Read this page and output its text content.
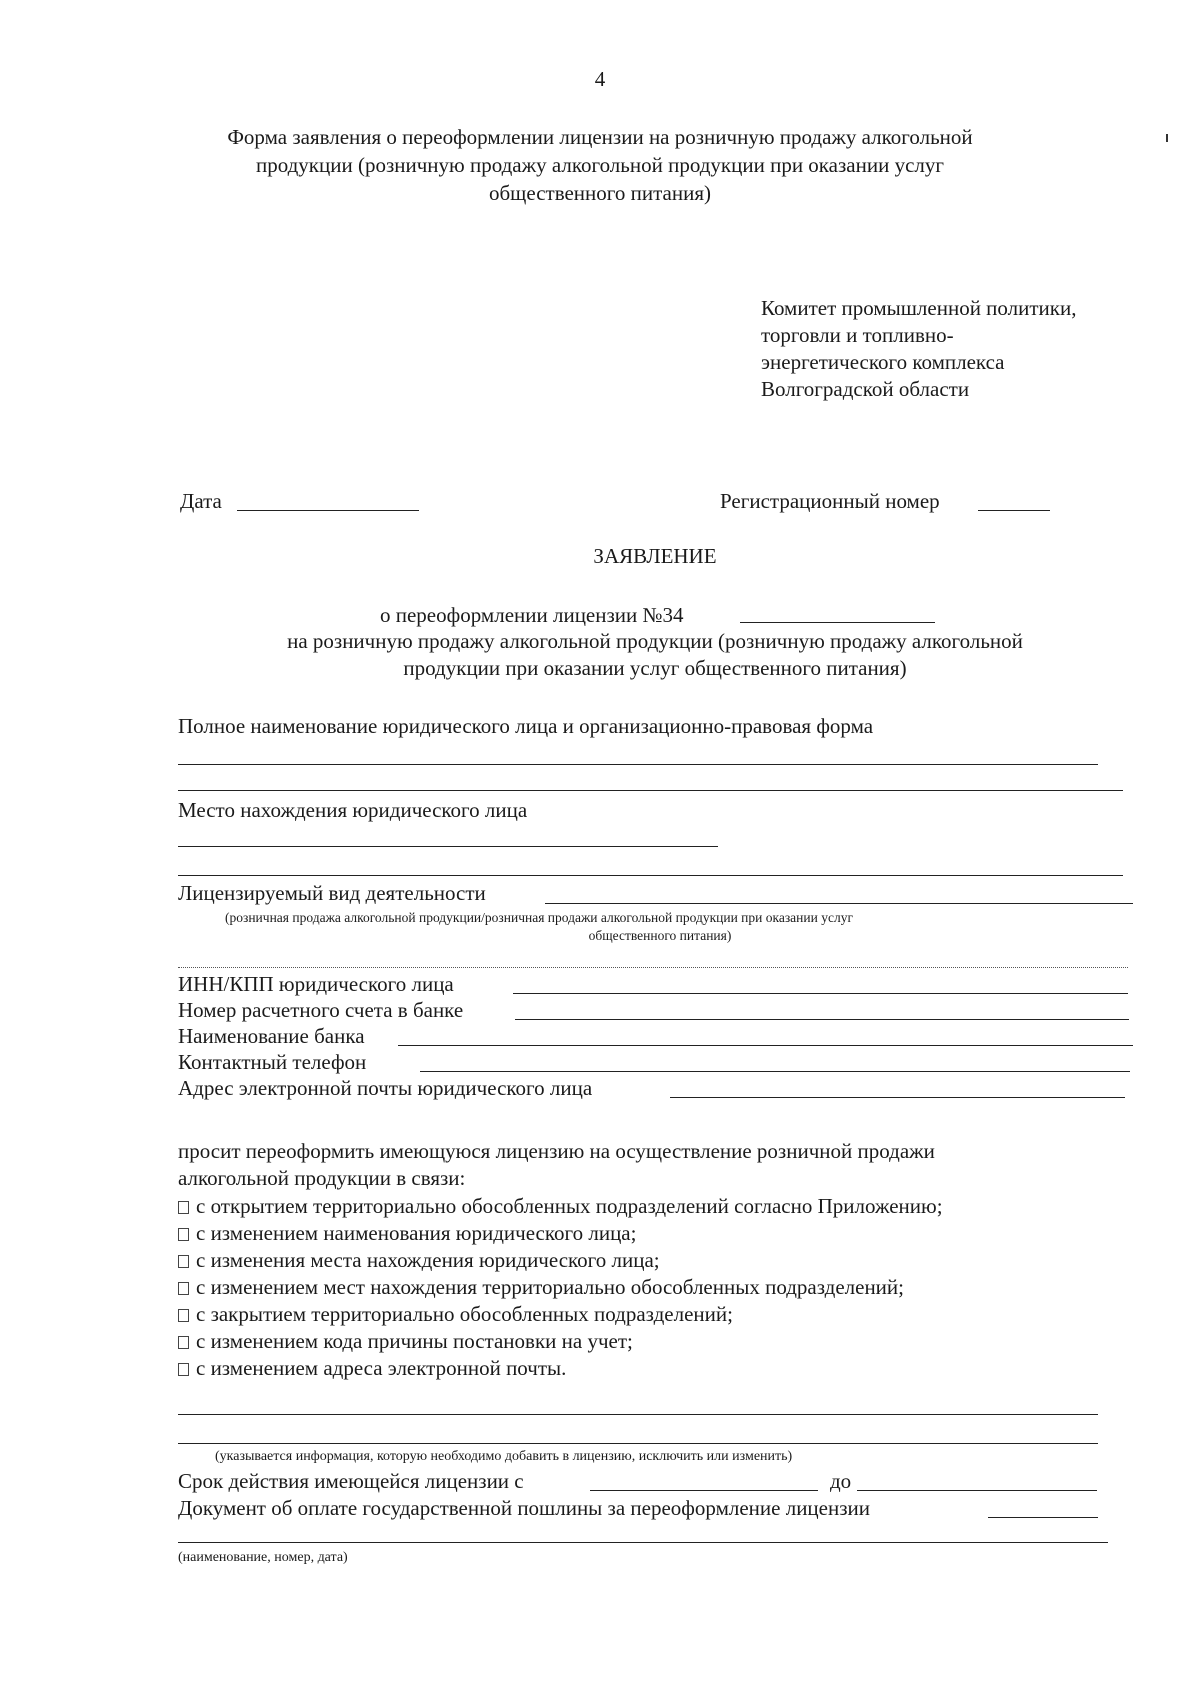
4
Форма заявления о переоформлении лицензии на розничную продажу алкогольной
продукции (розничную продажу алкогольной продукции при оказании услуг
общественного питания)
Комитет промышленной политики,
торговли и топливно-
энергетического комплекса
Волгоградской области
Дата	Регистрационный номер
ЗАЯВЛЕНИЕ
о переоформлении лицензии №34
на розничную продажу алкогольной продукции (розничную продажу алкогольной
продукции при оказании услуг общественного питания)
Полное наименование юридического лица и организационно-правовая форма
Место нахождения юридического лица
Лицензируемый вид деятельности
(розничная продажа алкогольной продукции/розничная продажи алкогольной продукции при оказании услуг
общественного питания)
ИНН/КПП юридического лица
Номер расчетного счета в банке
Наименование банка
Контактный телефон
Адрес электронной почты юридического лица
просит переоформить имеющуюся лицензию на осуществление розничной продажи
алкогольной продукции в связи:
с открытием территориально обособленных подразделений согласно Приложению;
с изменением наименования юридического лица;
с изменения места нахождения юридического лица;
с изменением мест нахождения территориально обособленных подразделений;
с закрытием территориально обособленных подразделений;
с изменением кода причины постановки на учет;
с изменением адреса электронной почты.
(указывается информация, которую необходимо добавить в лицензию, исключить или изменить)
Срок действия имеющейся лицензии с	до
Документ об оплате государственной пошлины за переоформление лицензии
(наименование, номер, дата)
